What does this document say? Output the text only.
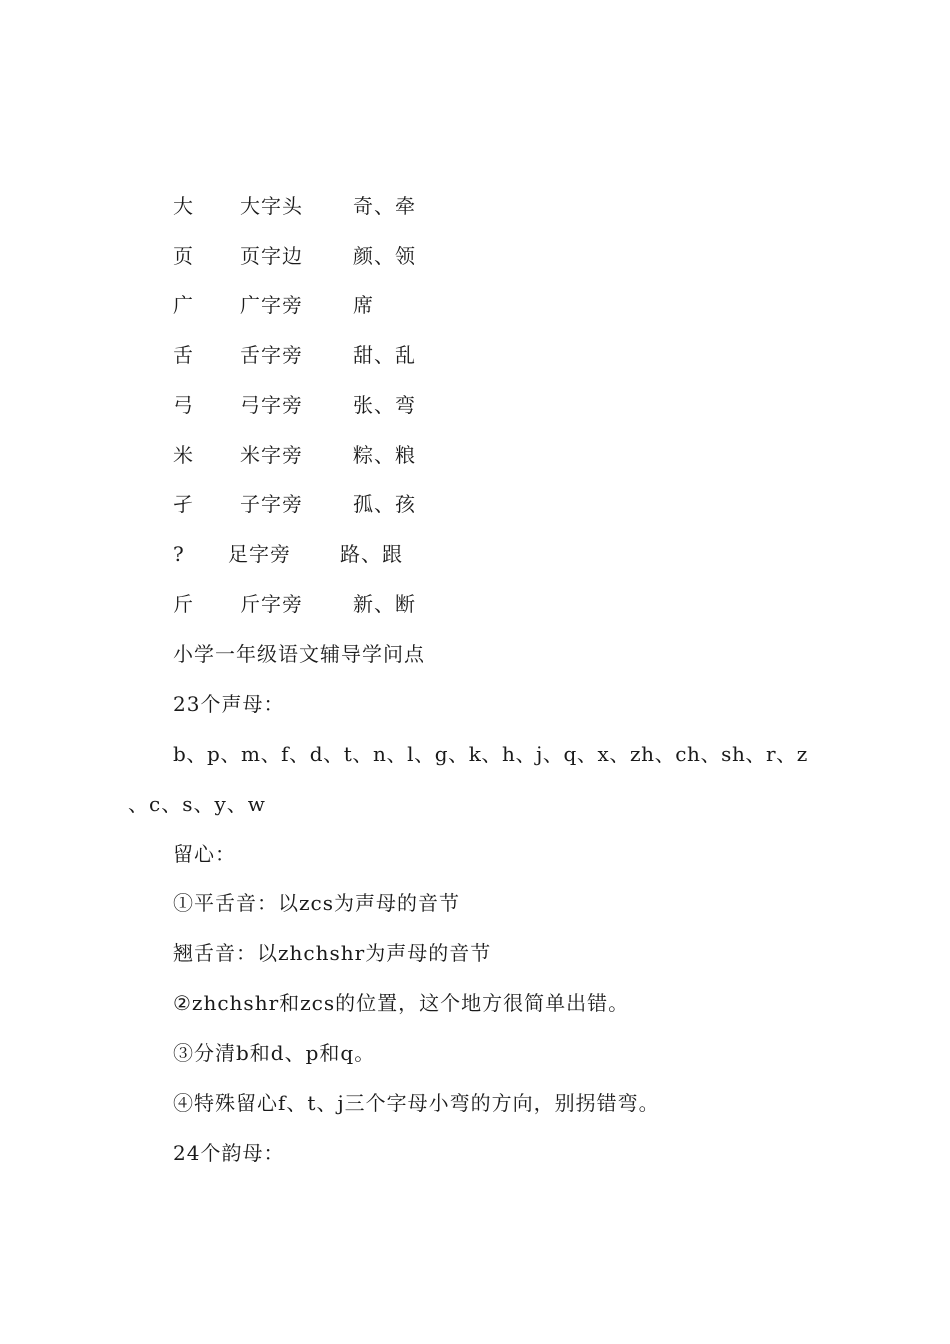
大 大字头	奇、牵
页 页字边	颜、领
广 广字旁	席
舌 舌字旁	甜、乱
弓 弓字旁	张、弯
米 米字旁	粽、粮
孑 子字旁	孤、孩
? 足字旁 路、跟
斤 斤字旁	新、断
小学一年级语文辅导学问点
23个声母：
b、p、m、f、d、t、n、l、g、k、h、j、q、x、zh、ch、sh、r、z
、c、s、y、w
留心：
①平舌音：以zcs为声母的音节
翘舌音：以zhchshr为声母的音节
②zhchshr和zcs的位置，这个地方很简单出错。
③分清b和d、p和q。
④特殊留心f、t、j三个字母小弯的方向，别拐错弯。
24个韵母：
